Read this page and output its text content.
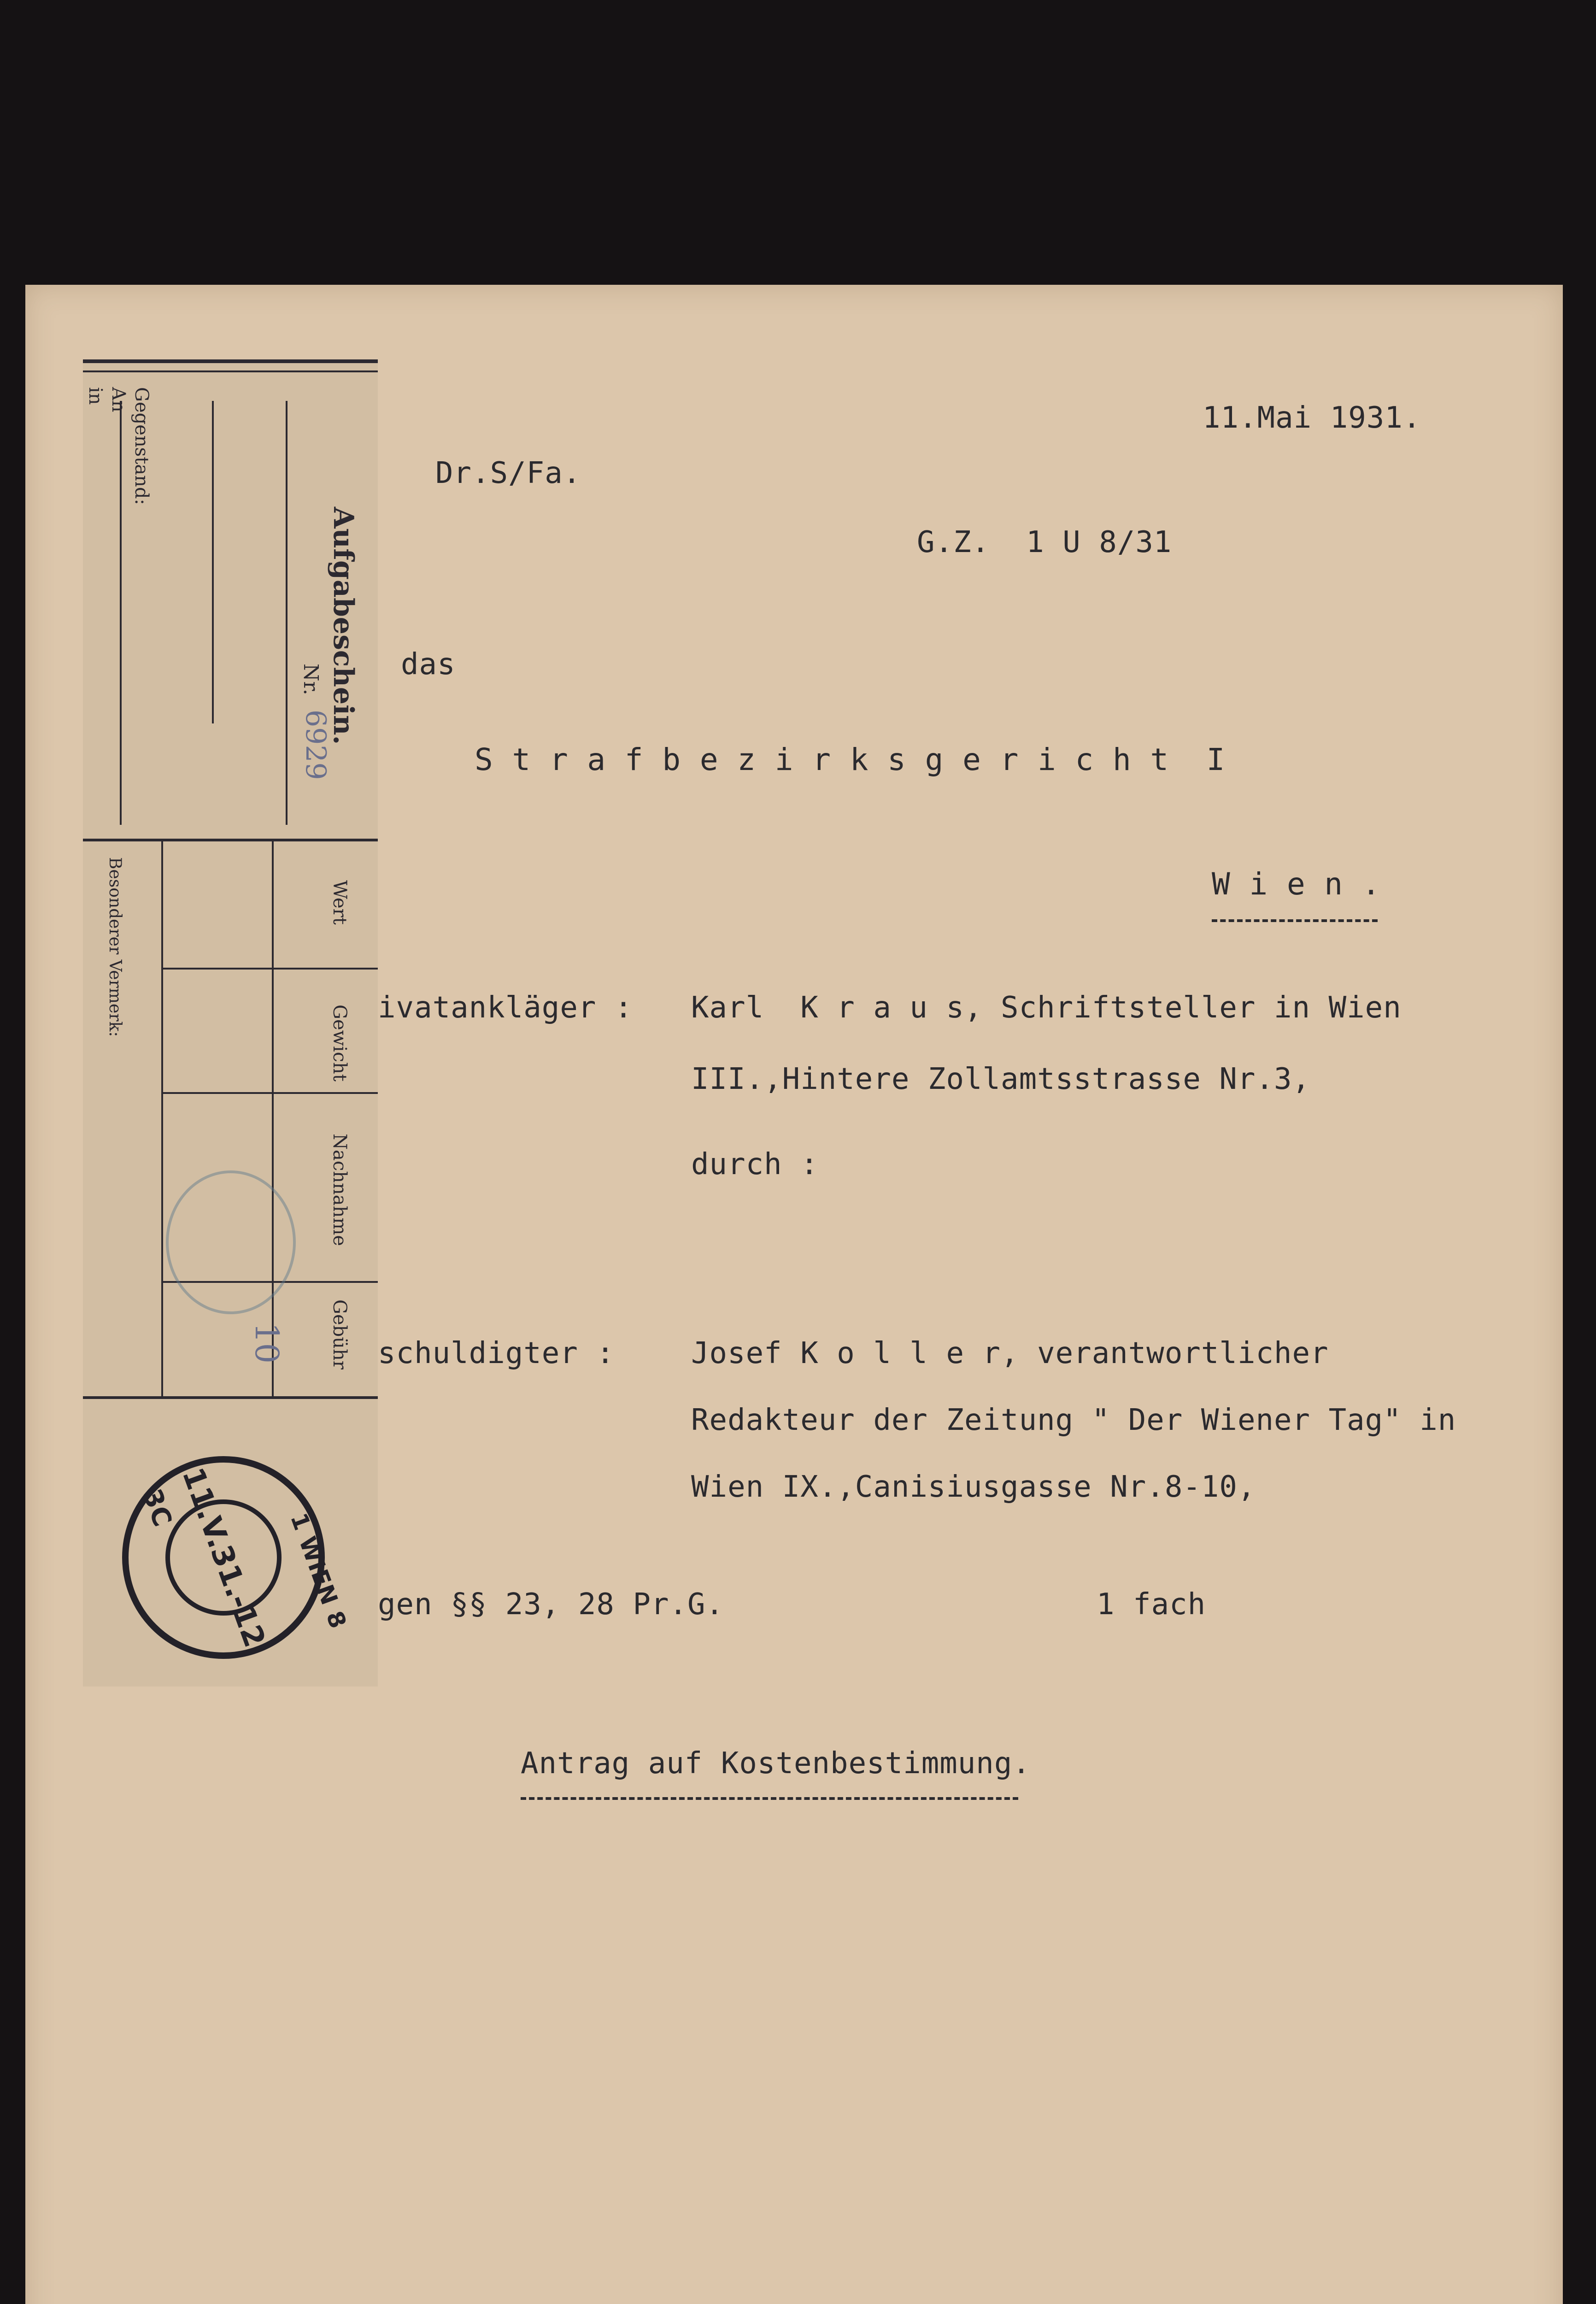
11.Mai 1931.
Dr.S/Fa.
G.Z.  1 U 8/31
das
S t r a f b e z i r k s g e r i c h t  I
W i e n .
ivatankläger : Karl  K r a u s, Schriftsteller in Wien
III.,Hintere Zollamtsstrasse Nr.3,
durch :
schuldigter :	Josef K o l l e r, verantwortlicher
Redakteur der Zeitung " Der Wiener Tag" in
Wien IX.,Canisiusgasse Nr.8-10,
gen §§ 23, 28 Pr.G.	1 fach
Antrag auf Kostenbestimmung.
Aufgabeschein.
Gegenstand:
An
in
Nr.
6929
Wert
Gewicht
Nachnahme
Gebühr
Besonderer Vermerk:
10
11.V.31.-12
3C
1 WIEN 8
